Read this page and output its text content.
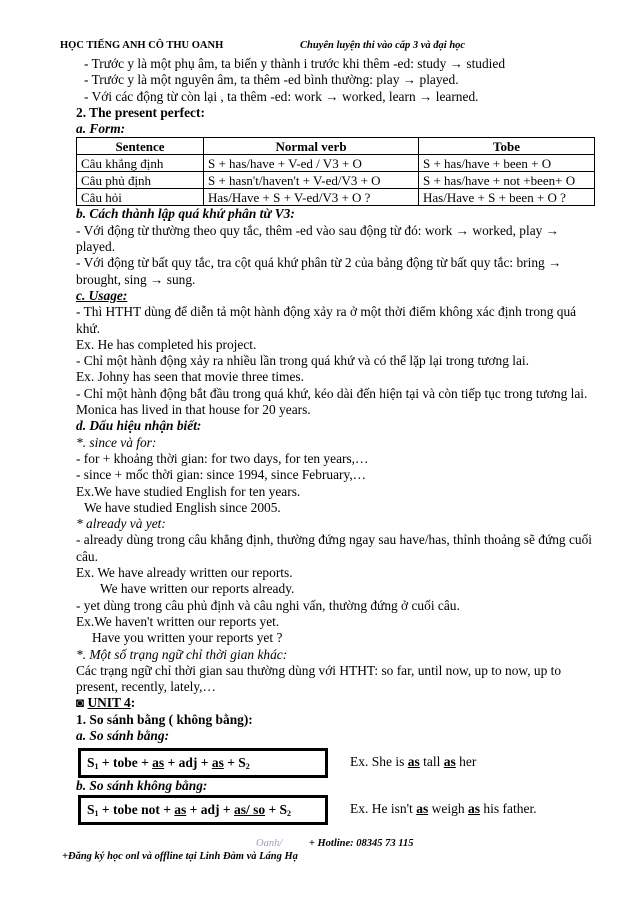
HỌC TIẾNG ANH CÔ THU OANH	Chuyên luyện thi vào cấp 3 và đại học

- Trước y là một phụ âm, ta biến y thành i trước khi thêm -ed: study → studied

- Trước y là một nguyên âm, ta thêm -ed bình thường: play → played.

- Với các động từ còn lại , ta thêm -ed: work → worked, learn → learned.

2. The present perfect:

a. Form:

Sentence	Normal verb	Tobe
Câu khẳng định	S + has/have + V-ed / V3 + O	S + has/have + been + O
Câu phủ định	S + hasn't/haven't + V-ed/V3 + O	S + has/have + not +been+ O
Câu hỏi	Has/Have + S + V-ed/V3 + O ?	Has/Have + S + been + O ?

b. Cách thành lập quá khứ phân từ V3:

- Với động từ thường theo quy tắc, thêm -ed vào sau động từ đó: work → worked, play → played.

- Với động từ bất quy tắc, tra cột quá khứ phân từ 2 của bảng động từ bất quy tắc: bring → brought, sing → sung.

c. Usage:

- Thì HTHT dùng để diễn tả một hành động xảy ra ở một thời điểm không xác định trong quá khứ.

Ex. He has completed his project.

- Chỉ một hành động xảy ra nhiều lần trong quá khứ và có thể lặp lại trong tương lai.

Ex. Johny has seen that movie three times.

- Chỉ một hành động bắt đầu trong quá khứ, kéo dài đến hiện tại và còn tiếp tục trong tương lai.

Monica has lived in that house for 20 years.

d. Dấu hiệu nhận biết:

*. since và for:

- for + khoảng thời gian: for two days, for ten years,…

- since + mốc thời gian: since 1994, since February,…

Ex.We have studied English for ten years.

We have studied English since 2005.

* already và yet:

- already dùng trong câu khẳng định, thường đứng ngay sau have/has, thỉnh thoảng sẽ đứng cuối câu.

Ex. We have already written our reports.

We have written our reports already.

- yet dùng trong câu phủ định và câu nghi vấn, thường đứng ở cuối câu.

Ex.We haven't written our reports yet.

Have you written your reports yet ?

*. Một số trạng ngữ chỉ thời gian khác:

Các trạng ngữ chỉ thời gian sau thường dùng với HTHT: so far, until now, up to now, up to present, recently, lately,…

◙ UNIT 4:

1. So sánh bằng ( không bằng):

a. So sánh bằng:

$S_1$ + tobe + as + adj + as + $S_2$	Ex. She is as tall as her

b. So sánh không bằng:

$S_1$ + tobe not + as + adj + as/ so + $S_2$	Ex. He isn't as weigh as his father.
Oanh/	+ Hotline: 08345 73 115
+Đăng ký học onl và offline tại Linh Đàm và Láng Hạ
